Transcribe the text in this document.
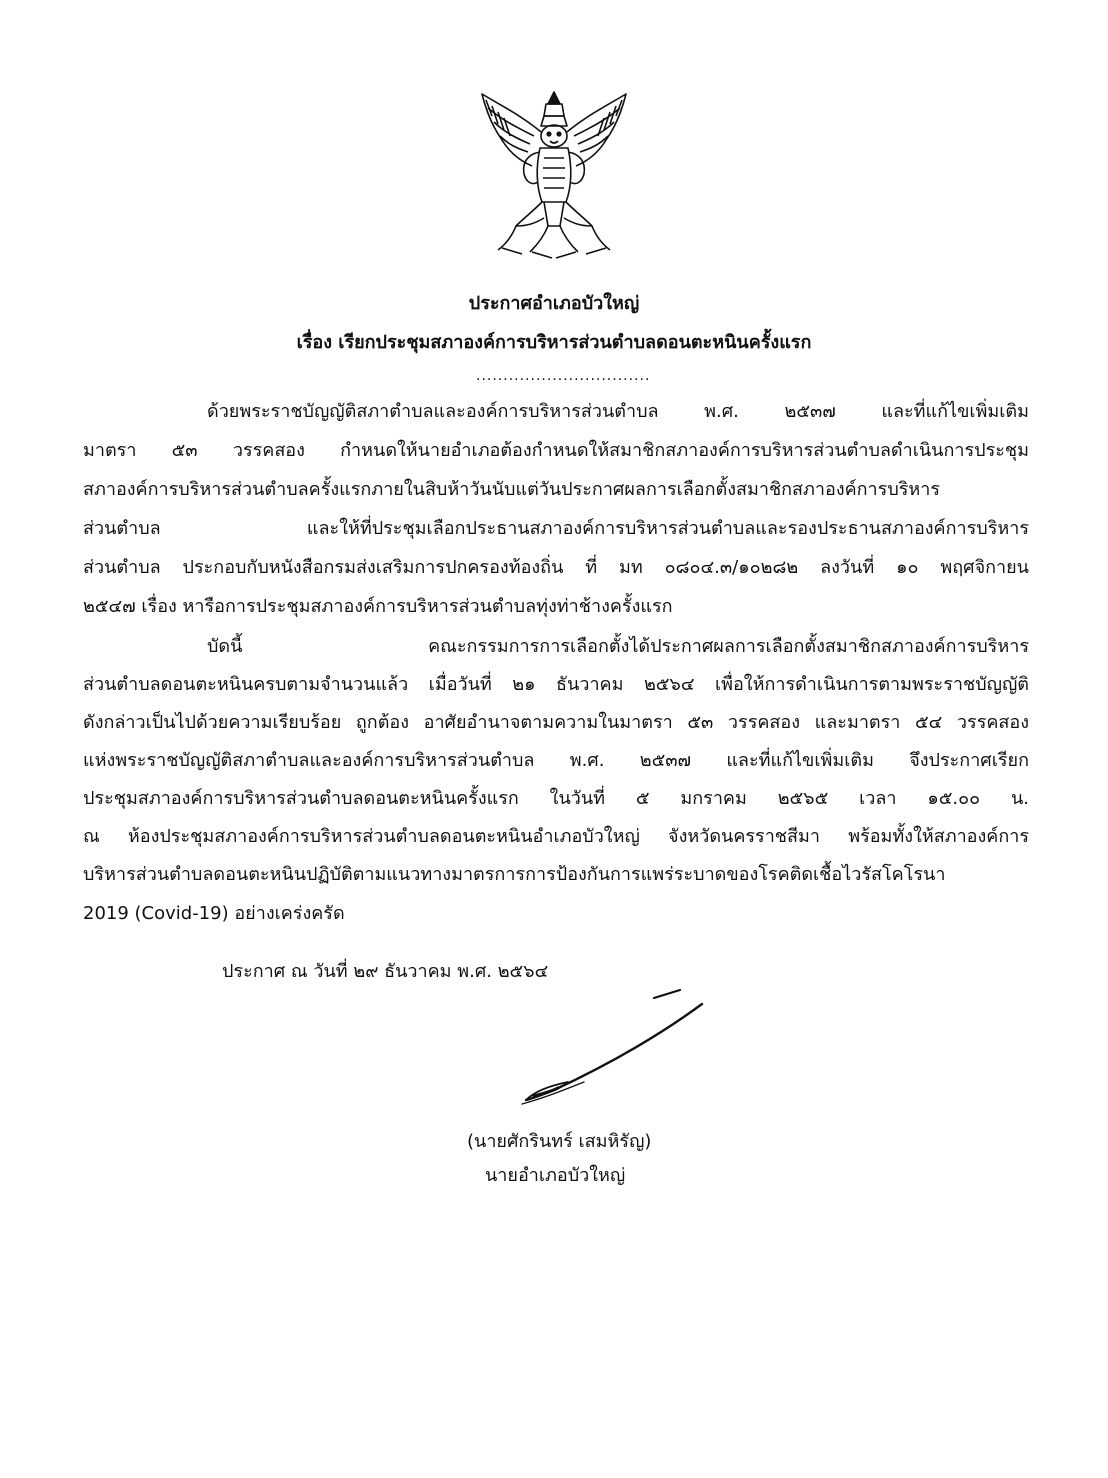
ประกาศอำเภอบัวใหญ่
เรื่อง เรียกประชุมสภาองค์การบริหารส่วนตำบลดอนตะหนินครั้งแรก
................................
ด้วยพระราชบัญญัติสภาตำบลและองค์การบริหารส่วนตำบล พ.ศ. ๒๕๓๗ และที่แก้ไขเพิ่มเติม
มาตรา ๕๓ วรรคสอง กำหนดให้นายอำเภอต้องกำหนดให้สมาชิกสภาองค์การบริหารส่วนตำบลดำเนินการประชุม
สภาองค์การบริหารส่วนตำบลครั้งแรกภายในสิบห้าวันนับแต่วันประกาศผลการเลือกตั้งสมาชิกสภาองค์การบริหาร
ส่วนตำบล และให้ที่ประชุมเลือกประธานสภาองค์การบริหารส่วนตำบลและรองประธานสภาองค์การบริหาร
ส่วนตำบล ประกอบกับหนังสือกรมส่งเสริมการปกครองท้องถิ่น ที่ มท ๐๘๐๔.๓/๑๐๒๘๒ ลงวันที่ ๑๐ พฤศจิกายน
๒๕๔๗ เรื่อง หารือการประชุมสภาองค์การบริหารส่วนตำบลทุ่งท่าช้างครั้งแรก
บัดนี้ คณะกรรมการการเลือกตั้งได้ประกาศผลการเลือกตั้งสมาชิกสภาองค์การบริหาร
ส่วนตำบลดอนตะหนินครบตามจำนวนแล้ว เมื่อวันที่ ๒๑ ธันวาคม ๒๕๖๔ เพื่อให้การดำเนินการตามพระราชบัญญัติ
ดังกล่าวเป็นไปด้วยความเรียบร้อย ถูกต้อง อาศัยอำนาจตามความในมาตรา ๕๓ วรรคสอง และมาตรา ๕๔ วรรคสอง
แห่งพระราชบัญญัติสภาตำบลและองค์การบริหารส่วนตำบล พ.ศ. ๒๕๓๗ และที่แก้ไขเพิ่มเติม จึงประกาศเรียก
ประชุมสภาองค์การบริหารส่วนตำบลดอนตะหนินครั้งแรก ในวันที่ ๕ มกราคม ๒๕๖๕ เวลา ๑๕.๐๐ น.
ณ ห้องประชุมสภาองค์การบริหารส่วนตำบลดอนตะหนินอำเภอบัวใหญ่ จังหวัดนครราชสีมา พร้อมทั้งให้สภาองค์การ
บริหารส่วนตำบลดอนตะหนินปฏิบัติตามแนวทางมาตรการการป้องกันการแพร่ระบาดของโรคติดเชื้อไวรัสโคโรนา
2019 (Covid-19) อย่างเคร่งครัด
ประกาศ ณ วันที่ ๒๙ ธันวาคม พ.ศ. ๒๕๖๔
(นายศักรินทร์ เสมหิรัญ)
นายอำเภอบัวใหญ่
